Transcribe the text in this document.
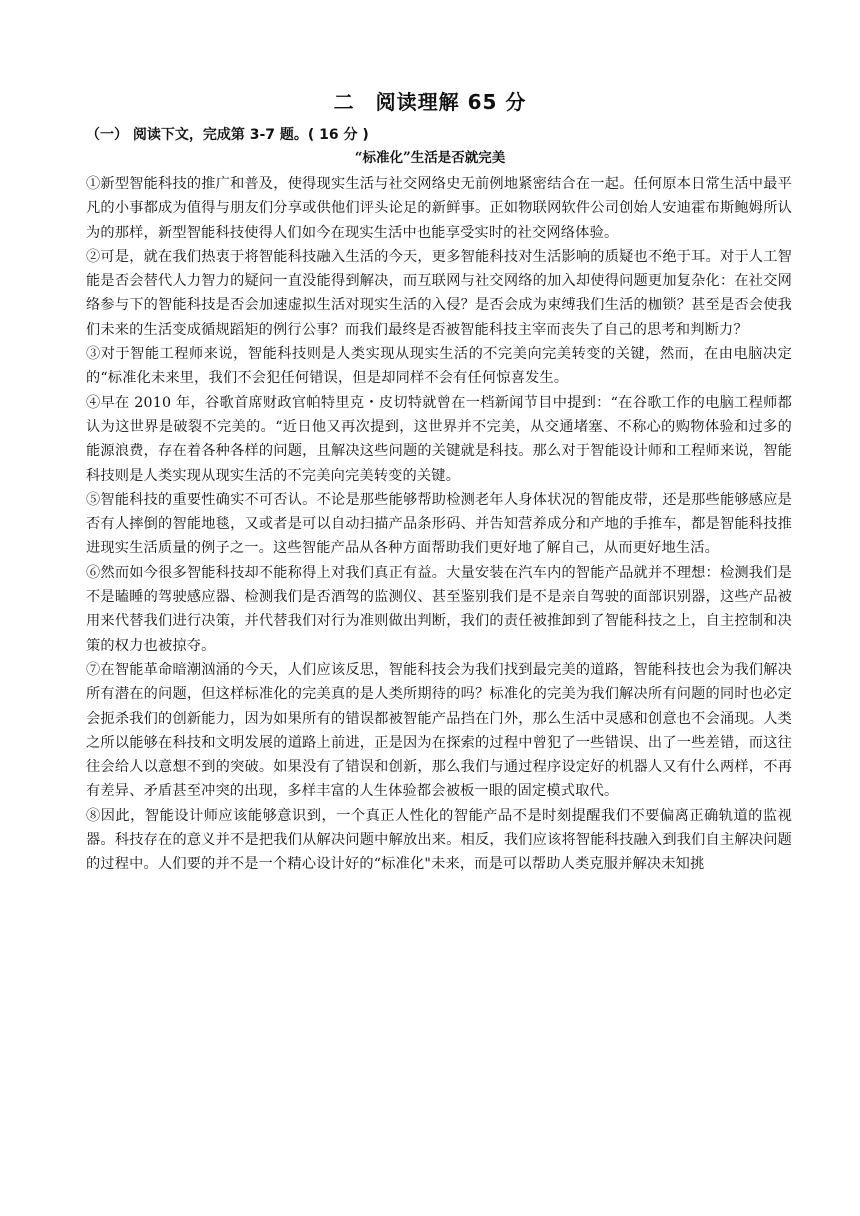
二　阅读理解 65 分
（一） 阅读下文，完成第 3-7 题。( 16 分 )
“标准化”生活是否就完美

①新型智能科技的推广和普及，使得现实生活与社交网络史无前例地紧密结合在一起。任何原本日常生活中最平凡的小事都成为值得与朋友们分享或供他们评头论足的新鲜事。正如物联网软件公司创始人安迪霍布斯鲍姆所认为的那样，新型智能科技使得人们如今在现实生活中也能享受实时的社交网络体验。

②可是，就在我们热衷于将智能科技融入生活的今天，更多智能科技对生活影响的质疑也不绝于耳。对于人工智能是否会替代人力智力的疑问一直没能得到解决，而互联网与社交网络的加入却使得问题更加复杂化：在社交网络参与下的智能科技是否会加速虚拟生活对现实生活的入侵？是否会成为束缚我们生活的枷锁？甚至是否会使我们未来的生活变成循规蹈矩的例行公事？而我们最终是否被智能科技主宰而丧失了自己的思考和判断力？

③对于智能工程师来说，智能科技则是人类实现从现实生活的不完美向完美转变的关键，然而，在由电脑决定的“标准化未来里，我们不会犯任何错误，但是却同样不会有任何惊喜发生。

④早在 2010 年，谷歌首席财政官帕特里克・皮切特就曾在一档新闻节目中提到：“在谷歌工作的电脑工程师都认为这世界是破裂不完美的。“近日他又再次提到，这世界并不完美，从交通堵塞、不称心的购物体验和过多的能源浪费，存在着各种各样的问题，且解决这些问题的关键就是科技。那么对于智能设计师和工程师来说，智能科技则是人类实现从现实生活的不完美向完美转变的关键。

⑤智能科技的重要性确实不可否认。不论是那些能够帮助检测老年人身体状况的智能皮带，还是那些能够感应是否有人摔倒的智能地毯，又或者是可以自动扫描产品条形码、并告知营养成分和产地的手推车，都是智能科技推进现实生活质量的例子之一。这些智能产品从各种方面帮助我们更好地了解自己，从而更好地生活。

⑥然而如今很多智能科技却不能称得上对我们真正有益。大量安装在汽车内的智能产品就并不理想：检测我们是不是瞌睡的驾驶感应器、检测我们是否酒驾的监测仪、甚至鉴别我们是不是亲自驾驶的面部识别器，这些产品被用来代替我们进行决策，并代替我们对行为准则做出判断，我们的责任被推卸到了智能科技之上，自主控制和决策的权力也被掠夺。

⑦在智能革命暗潮汹涌的今天，人们应该反思，智能科技会为我们找到最完美的道路，智能科技也会为我们解决所有潜在的问题，但这样标准化的完美真的是人类所期待的吗？标准化的完美为我们解决所有问题的同时也必定会扼杀我们的创新能力，因为如果所有的错误都被智能产品挡在门外，那么生活中灵感和创意也不会涌现。人类之所以能够在科技和文明发展的道路上前进，正是因为在探索的过程中曾犯了一些错误、出了一些差错，而这往往会给人以意想不到的突破。如果没有了错误和创新，那么我们与通过程序设定好的机器人又有什么两样，不再有差异、矛盾甚至冲突的出现，多样丰富的人生体验都会被板一眼的固定模式取代。

⑧因此，智能设计师应该能够意识到，一个真正人性化的智能产品不是时刻提醒我们不要偏离正确轨道的监视器。科技存在的意义并不是把我们从解决问题中解放出来。相反，我们应该将智能科技融入到我们自主解决问题的过程中。人们要的并不是一个精心设计好的“标准化"未来，而是可以帮助人类克服并解决未知挑
